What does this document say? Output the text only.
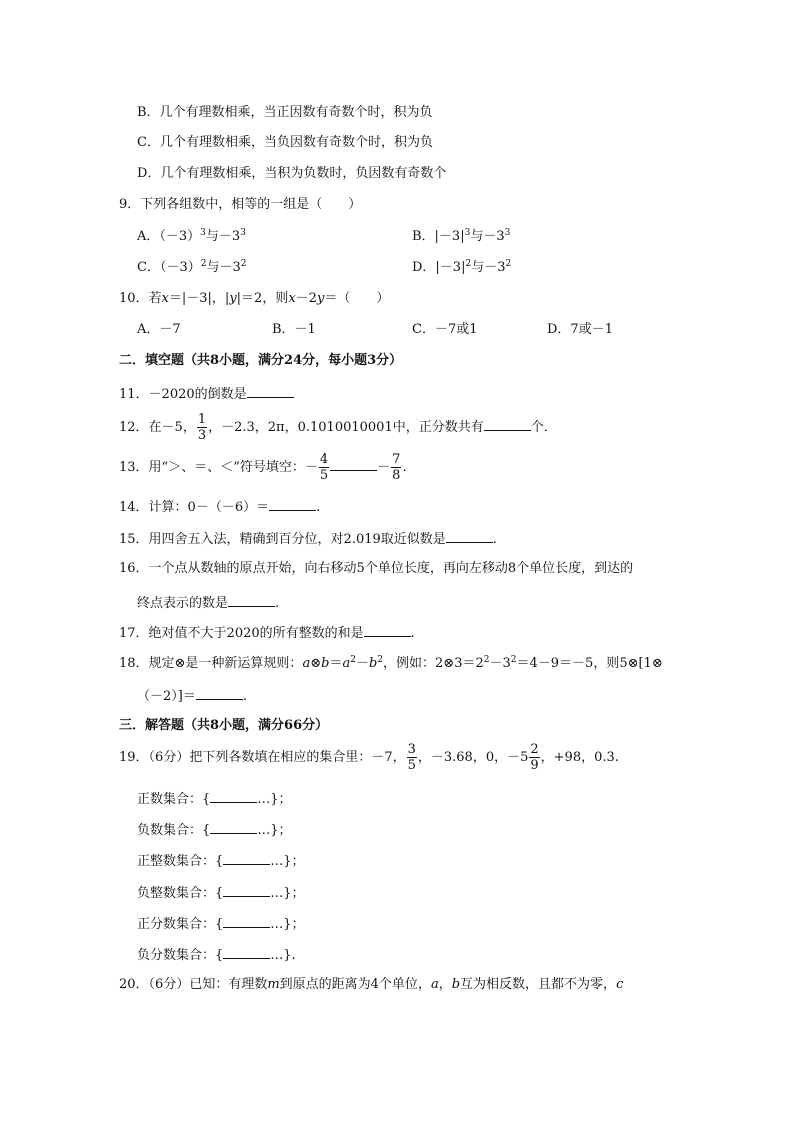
B．几个有理数相乘，当正因数有奇数个时，积为负
C．几个有理数相乘，当负因数有奇数个时，积为负
D．几个有理数相乘，当积为负数时，负因数有奇数个
9．下列各组数中，相等的一组是（　　）
A．$(-3)^3$与$-3^3$	B．$|-3|^3$与$-3^3$
C．$(-3)^2$与$-3^2$	D．$|-3|^2$与$-3^2$
10．若x＝|－3|，|y|＝2，则x－2y＝（　　）
A．－7	B．－1	C．－7或1	D．7或－1
二．填空题（共8小题，满分24分，每小题3分）
11．－2020的倒数是
12．在－5， $\frac{1}{3}$ ，－2.3，2π，0.1010010001中，正分数共有	个．
13．用“＞、＝、＜”符号填空：－ $\frac{4}{5}$	－ $\frac{7}{8}$ .
14．计算：0－（－6）＝	.
15．用四舍五入法，精确到百分位，对2.019取近似数是	.
16．一个点从数轴的原点开始，向右移动5个单位长度，再向左移动8个单位长度，到达的
终点表示的数是	.
17．绝对值不大于2020的所有整数的和是	.
18．规定⊗是一种新运算规则：$a\otimes b=a^2-b^2$，例如：$2\otimes 3=2^2-3^2=4-9=-5$，则5⊗[1⊗
（－2）]＝	.
三．解答题（共8小题，满分66分）
19．（6分）把下列各数填在相应的集合里：－7， $\frac{3}{5}$ ，－3.68，0，$-5 \frac{2}{9}$ ，+98，0.3.
正数集合：{	…}；
负数集合：{	…}；
正整数集合：{	…}；
负整数集合：{	…}；
正分数集合：{	…}；
负分数集合：{	…}.
20．（6分）已知：有理数m到原点的距离为4个单位，a，b互为相反数，且都不为零，c
